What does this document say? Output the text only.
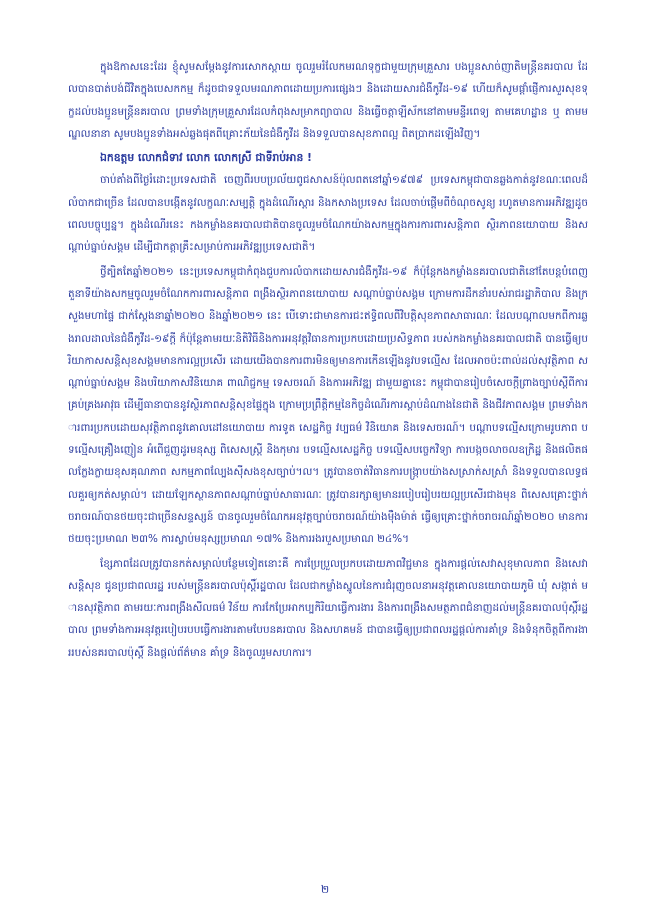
ក្នុងឱកាសនេះដែរ ខ្ញុំសូមសម្ដែងនូវការសោកស្ដាយ ចូលរួមរំលែកមរណទុក្ខជាមួយក្រុមគ្រួសារ បងប្អូនសាច់ញាតិមន្រ្តីនគរបាល ដែលបានបាត់បង់ជីវិតក្នុងបេសកកម្ម ក៏ដូចជាទទួលមរណភាពដោយប្រការផ្សេងៗ និងដោយសារជំងឺកូវីដ-១៩ ហើយក៏សូមផ្ដាំផ្ញើការសួរសុខទុក្ខដល់បងប្អូនមន្រ្តីនគរបាល ព្រមទាំងក្រុមគ្រួសារដែលកំពុងសម្រាកព្យាបាល និងធ្វើចត្តាឡីស័កនៅតាមមន្ទីរពេទ្យ តាមគេហដ្ឋាន ឬ តាមមណ្ឌលនានា សូមបងប្អូនទាំងអស់ឆ្លងផុតពីគ្រោះភ័យនៃជំងឺកូវីដ និងទទួលបានសុខភាពល្អ ពិតប្រាកដឡើងវិញ។

ឯកឧត្តម លោកជំទាវ លោក លោកស្រី ជាទីរាប់អាន !

ចាប់តាំងពីថ្ងៃរំដោះប្រទេសជាតិ ចេញពីរបបប្រល័យពូជសាសន៍ប៉ុលពតនៅឆ្នាំ១៩៧៩ ប្រទេសកម្ពុជាបានឆ្លងកាត់នូវខណៈពេលដ៏លំបាកជាច្រើន ដែលបានបង្កើតនូវលក្ខណៈសម្បត្តិ ក្នុងដំណើរស្ដារ និងកសាងប្រទេស ដែលចាប់ផ្ដើមពីចំណុចសូន្យ រហូតមានការអភិវឌ្ឍដូចពេលបច្ចុប្បន្ន។ ក្នុងដំណើរនេះ កងកម្លាំងនគរបាលជាតិបានចូលរួមចំណែកយ៉ាងសកម្មក្នុងការការពារសន្តិភាព ស្ថិរភាពនយោបាយ និងសណ្ដាប់ធ្នាប់សង្គម ដើម្បីជាកត្តាគ្រឹះសម្រាប់ការអភិវឌ្ឍប្រទេសជាតិ។

ថ្វីត្បិតតែឆ្នាំ២០២១ នេះប្រទេសកម្ពុជាកំពុងជួបការលំបាកដោយសារជំងឺកូវីដ-១៩ ក៏ប៉ុន្តែកងកម្លាំងនគរបាលជាតិនៅតែបន្តបំពេញតួនាទីយ៉ាងសកម្មចូលរួមចំណែកការពារសន្តិភាព ពង្រឹងស្ថិរភាពនយោបាយ សណ្ដាប់ធ្នាប់សង្គម ក្រោមការដឹកនាំរបស់រាជរដ្ឋាភិបាល និងក្រសួងមហាផ្ទៃ ជាក់ស្ដែងនាឆ្នាំ២០២០ និងឆ្នាំ២០២១ នេះ បើទោះជាមានការជះឥទ្ធិពលពីវិបត្តិសុខភាពសាធារណៈ ដែលបណ្ដាលមកពីការឆ្លងរាលដាលនៃជំងឺកូវីដ-១៩ក្ដី ក៏ប៉ុន្តែតាមរយៈនិតិវិធីនិងការអនុវត្តវិធានការប្រកបដោយប្រសិទ្ធភាព របស់កងកម្លាំងនគរបាលជាតិ បានធ្វើឲ្យបរិយាកាសសន្តិសុខសង្គមមានការល្អប្រសើរ ដោយយើងបានការពារមិនឲ្យមានការកើនឡើងនូវបទល្មើស ដែលអាចប៉ះពាល់ដល់សុវត្ថិភាព សណ្ដាប់ធ្នាប់សង្គម និងបរិយាកាសវិនិយោគ ពាណិជ្ជកម្ម ទេសចរណ៍ និងការអភិវឌ្ឍ ជាមួយគ្នានេះ កម្ពុជាបានរៀបចំសេចក្ដីព្រាងច្បាប់ស្ដីពីការគ្រប់គ្រងអាវុធ ដើម្បីធានាបាននូវស្ថិរភាពសន្តិសុខផ្ទៃក្នុង ក្រោមប្រព្រឹត្តិកម្មនៃកិច្ចដំណើរការស្ដាប់ដំណាងនៃជាតិ និងជីវភាពសង្គម ព្រមទាំងការពារប្រកបដោយសុវត្ថិភាពនូវគោលដៅនយោបាយ ការទូត សេដ្ឋកិច្ច វប្បធម៌ វិនិយោគ និងទេសចរណ៍។ បណ្ដាបទល្មើសក្រោមរូបភាព បទល្មើសគ្រឿងញៀន អំពើជួញដូរមនុស្ស ពិសេសស្រ្តី និងកុមារ បទល្មើសសេដ្ឋកិច្ច បទល្មើសបច្ចេកវិទ្យា ការបង្កចលាចលឧក្រិដ្ឋ និងផលិតផលក្លែងក្លាយខុសគុណភាព សកម្មភាពល្បែងស៊ីសងខុសច្បាប់។ល។ ត្រូវបានចាត់វិធានការបង្រ្កាបយ៉ាងសស្រាក់សស្រាំ និងទទួលបានលទ្ធផលគួរឲ្យកត់សម្គាល់។ ដោយឡែកស្ថានភាពសណ្ដាប់ធ្នាប់សាធារណៈ ត្រូវបានរក្សាឲ្យមានរបៀបរៀបរយល្អប្រសើរជាងមុន ពិសេសគ្រោះថ្នាក់ចរាចរណ៍បានថយចុះជាច្រើនសន្ទស្សន៍ បានចូលរួមចំណែកអនុវត្តច្បាប់ចរាចរណ៍យ៉ាងម៉ឺងម៉ាត់ ធ្វើឲ្យគ្រោះថ្នាក់ចរាចរណ៍ឆ្នាំ២០២០ មានការថយចុះប្រមាណ ២៣% ការស្លាប់មនុស្សប្រមាណ ១៧% និងការរងរបួសប្រមាណ ២៤%។

ខ្សែភាពដែលត្រូវបានកត់សម្គាល់បន្ថែមទៀតនោះគឺ ការប្រែប្រួលប្រកបដោយភាពវិជ្ជមាន ក្នុងការផ្ដល់សេវាសុខុមាលភាព និងសេវាសន្តិសុខ ជូនប្រជាពលរដ្ឋ របស់មន្រ្តីនគរបាលប៉ុស្តិ៍រដ្ឋបាល ដែលជាកម្លាំងស្នូលនៃការជំរុញចលនាអនុវត្តគោលនយោបាយភូមិ ឃុំ សង្កាត់ មានសុវត្ថិភាព តាមរយៈការពង្រឹងសីលធម៌ វិន័យ ការកែប្រែអាកប្បកិរិយាធ្វើការងារ និងការពង្រឹងសមត្ថភាពជំនាញដល់មន្រ្តីនគរបាលប៉ុស្តិ៍រដ្ឋបាល ព្រមទាំងការអនុវត្តរបៀបរបបធ្វើការងារតាមបែបនគរបាល និងសហគមន៍ ជាបានធ្វើឲ្យប្រជាពលរដ្ឋផ្ដល់ការគាំទ្រ និងទំនុកចិត្តពីការងាររបស់នគរបាលប៉ុស្តិ៍ និងផ្ដល់ព័ត៌មាន គាំទ្រ និងចូលរួមសហការ។

២
